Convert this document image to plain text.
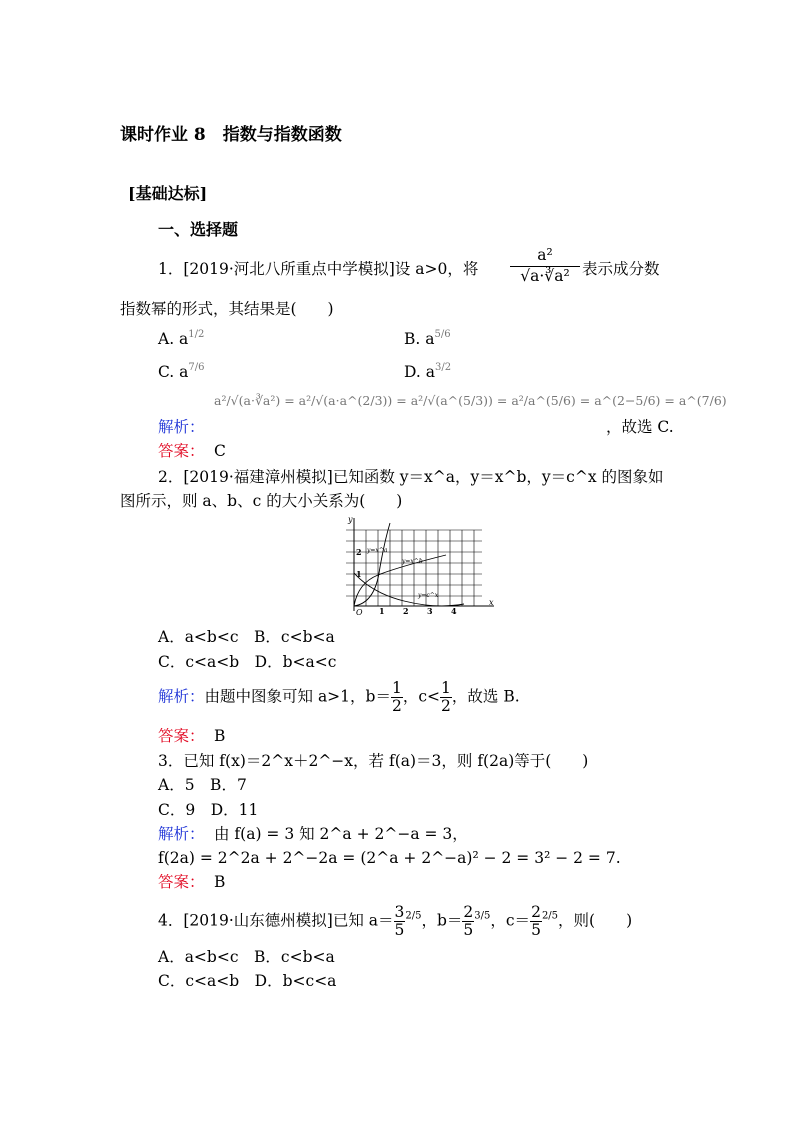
课时作业 8　指数与指数函数
[基础达标]
一、选择题
1．[2019·河北八所重点中学模拟]设 a>0，将 $\frac{\text{a²}}{\text{√a·∛a²}}$ 表示成分数
指数幂的形式，其结果是(　　)
A. $a^{1/2}$	B. $a^{5/6}$
C. $a^{7/6}$	D. $a^{3/2}$
解析：
a²/√(a·∛a²) = a²/√(a·a^(2/3)) = a²/√(a^(5/3)) = a²/a^(5/6) = a^(2−5/6) = a^(7/6)
，故选 C.
答案： C
2．[2019·福建漳州模拟]已知函数 y＝x^a，y＝x^b，y＝c^x 的图象如
图所示，则 a、b、c 的大小关系为(　　)
y
x
O
2
1
1 2 3 4
y=x^a
y=x^b
y=c^x
A．a<b<c　B．c<b<a
C．c<a<b　D．b<a<c
解析：由题中图象可知 a>1，$b= \frac{1}{2}$ ，$c< \frac{1}{2}$ ，故选 B.
答案： B
3．已知 f(x)＝2^x＋2^−x，若 f(a)＝3，则 f(2a)等于(　　)
A．5　B．7
C．9　D．11
解析： 由 f(a) = 3 知 2^a + 2^−a = 3，
f(2a) = 2^2a + 2^−2a = (2^a + 2^−a)² − 2 = 3² − 2 = 7.
答案： B
4．[2019·山东德州模拟]已知 $a= \frac{3}{5} ^{2/5}$，$b= \frac{2}{5} ^{3/5}$，$c= \frac{2}{5} ^{2/5}$，则(　　)
A．a<b<c　B．c<b<a
C．c<a<b　D．b<c<a
